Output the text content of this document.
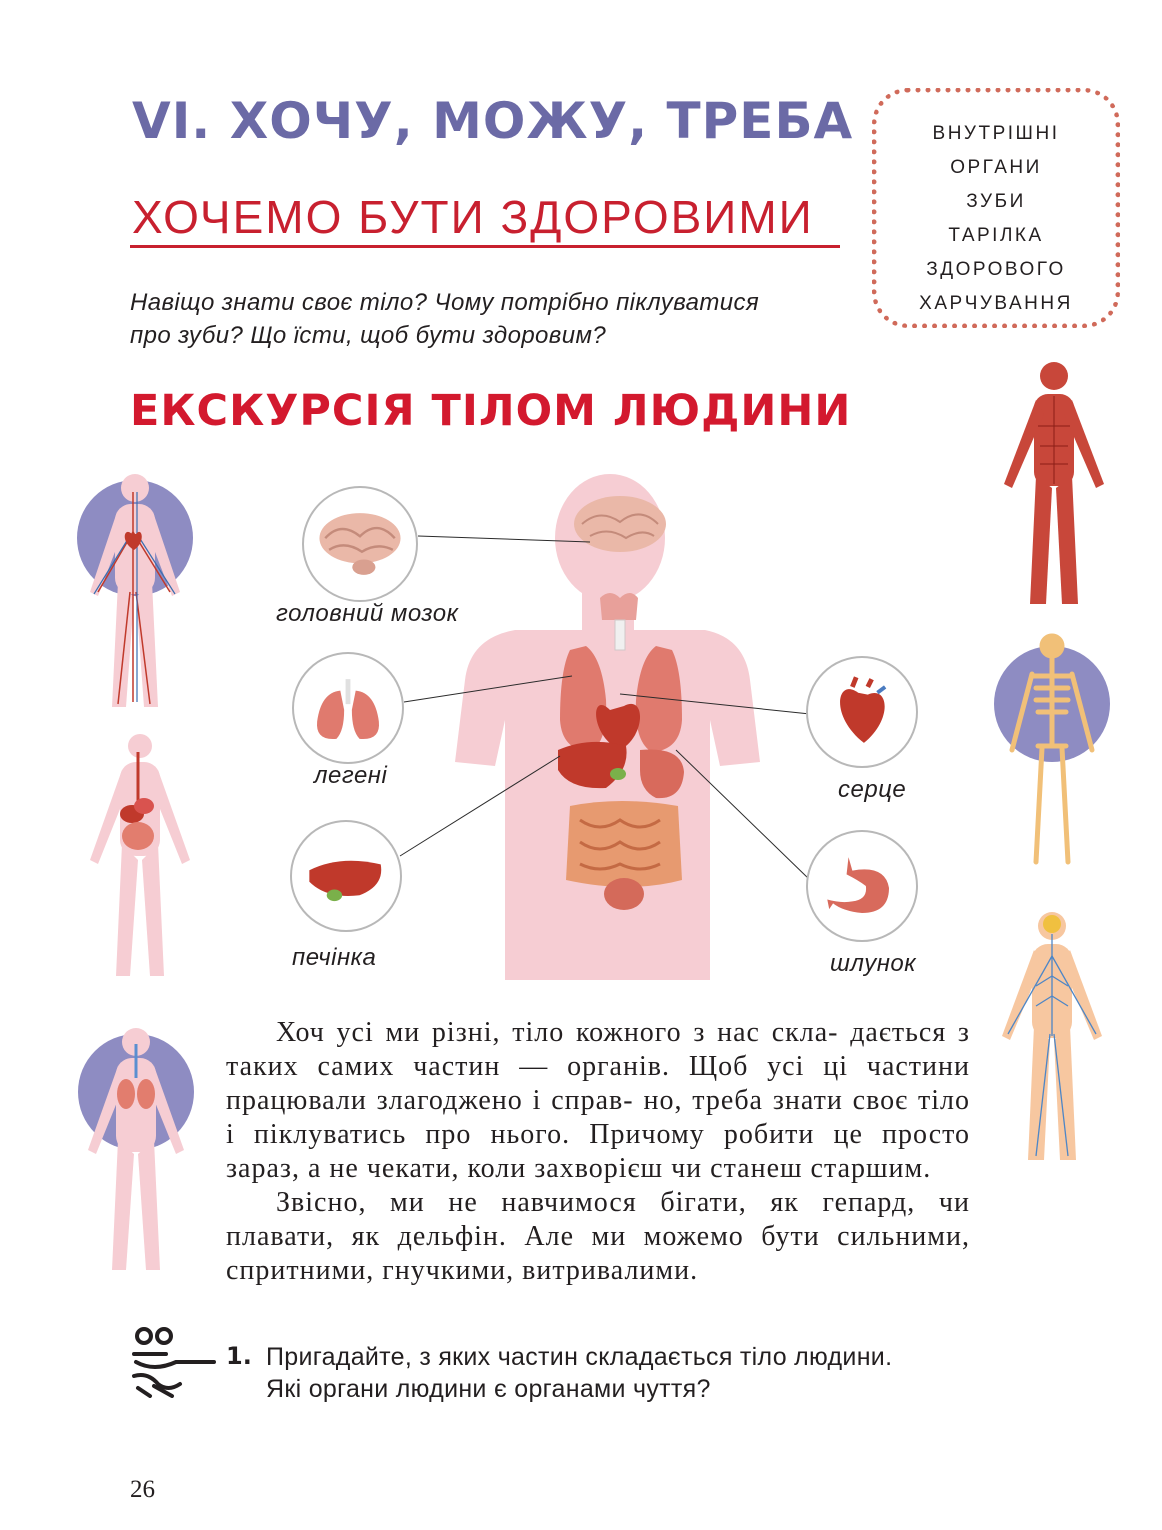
VI. ХОЧУ, МОЖУ, ТРЕБА
ХОЧЕМО БУТИ ЗДОРОВИМИ
Навіщо знати своє тіло? Чому потрібно піклуватися
про зуби? Що їсти, щоб бути здоровим?
ВНУТРІШНІ
ОРГАНИ
ЗУБИ
ТАРІЛКА
ЗДОРОВОГО
ХАРЧУВАННЯ
ЕКСКУРСІЯ ТІЛОМ ЛЮДИНИ
головний мозок
легені
печінка
серце
шлунок

Хоч усі ми різні, тіло кожного з нас скла- дається з таких самих частин — органів. Щоб усі ці частини працювали злагоджено і справ- но, треба знати своє тіло і піклуватись про нього. Причому робити це просто зараз, а не чекати, коли захворієш чи станеш старшим.

Звісно, ми не навчимося бігати, як гепард, чи плавати, як дельфін. Але ми можемо бути сильними, спритними, гнучкими, витривалими.

1. Пригадайте, з яких частин складається тіло людини.
Які органи людини є органами чуття?
26
